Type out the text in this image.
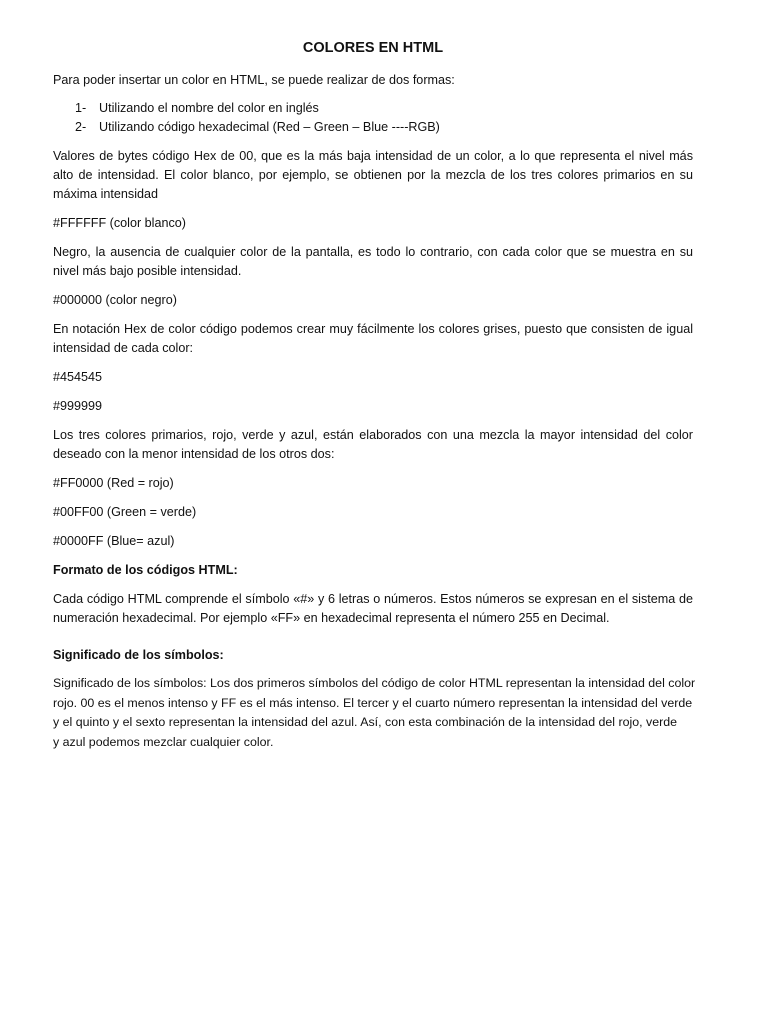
COLORES EN HTML

Para poder insertar un color en HTML, se puede realizar de dos formas:

1- Utilizando el nombre del color en inglés
2- Utilizando código hexadecimal (Red – Green – Blue ----RGB)

Valores de bytes código Hex de 00, que es la más baja intensidad de un color, a lo que representa el nivel más alto de intensidad. El color blanco, por ejemplo, se obtienen por la mezcla de los tres colores primarios en su máxima intensidad

#FFFFFF (color blanco)

Negro, la ausencia de cualquier color de la pantalla, es todo lo contrario, con cada color que se muestra en su nivel más bajo posible intensidad.

#000000 (color negro)

En notación Hex de color código podemos crear muy fácilmente los colores grises, puesto que consisten de igual intensidad de cada color:

#454545

#999999

Los tres colores primarios, rojo, verde y azul, están elaborados con una mezcla la mayor intensidad del color deseado con la menor intensidad de los otros dos:

#FF0000 (Red = rojo)

#00FF00 (Green = verde)

#0000FF (Blue= azul)

Formato de los códigos HTML:

Cada código HTML comprende el símbolo «#» y 6 letras o números. Estos números se expresan en el sistema de numeración hexadecimal. Por ejemplo «FF» en hexadecimal representa el número 255 en Decimal.

Significado de los símbolos:

Significado de los símbolos: Los dos primeros símbolos del código de color HTML representan la intensidad del color
rojo. 00 es el menos intenso y FF es el más intenso. El tercer y el cuarto número representan la intensidad del verde
y el quinto y el sexto representan la intensidad del azul. Así, con esta combinación de la intensidad del rojo, verde
y azul podemos mezclar cualquier color.
